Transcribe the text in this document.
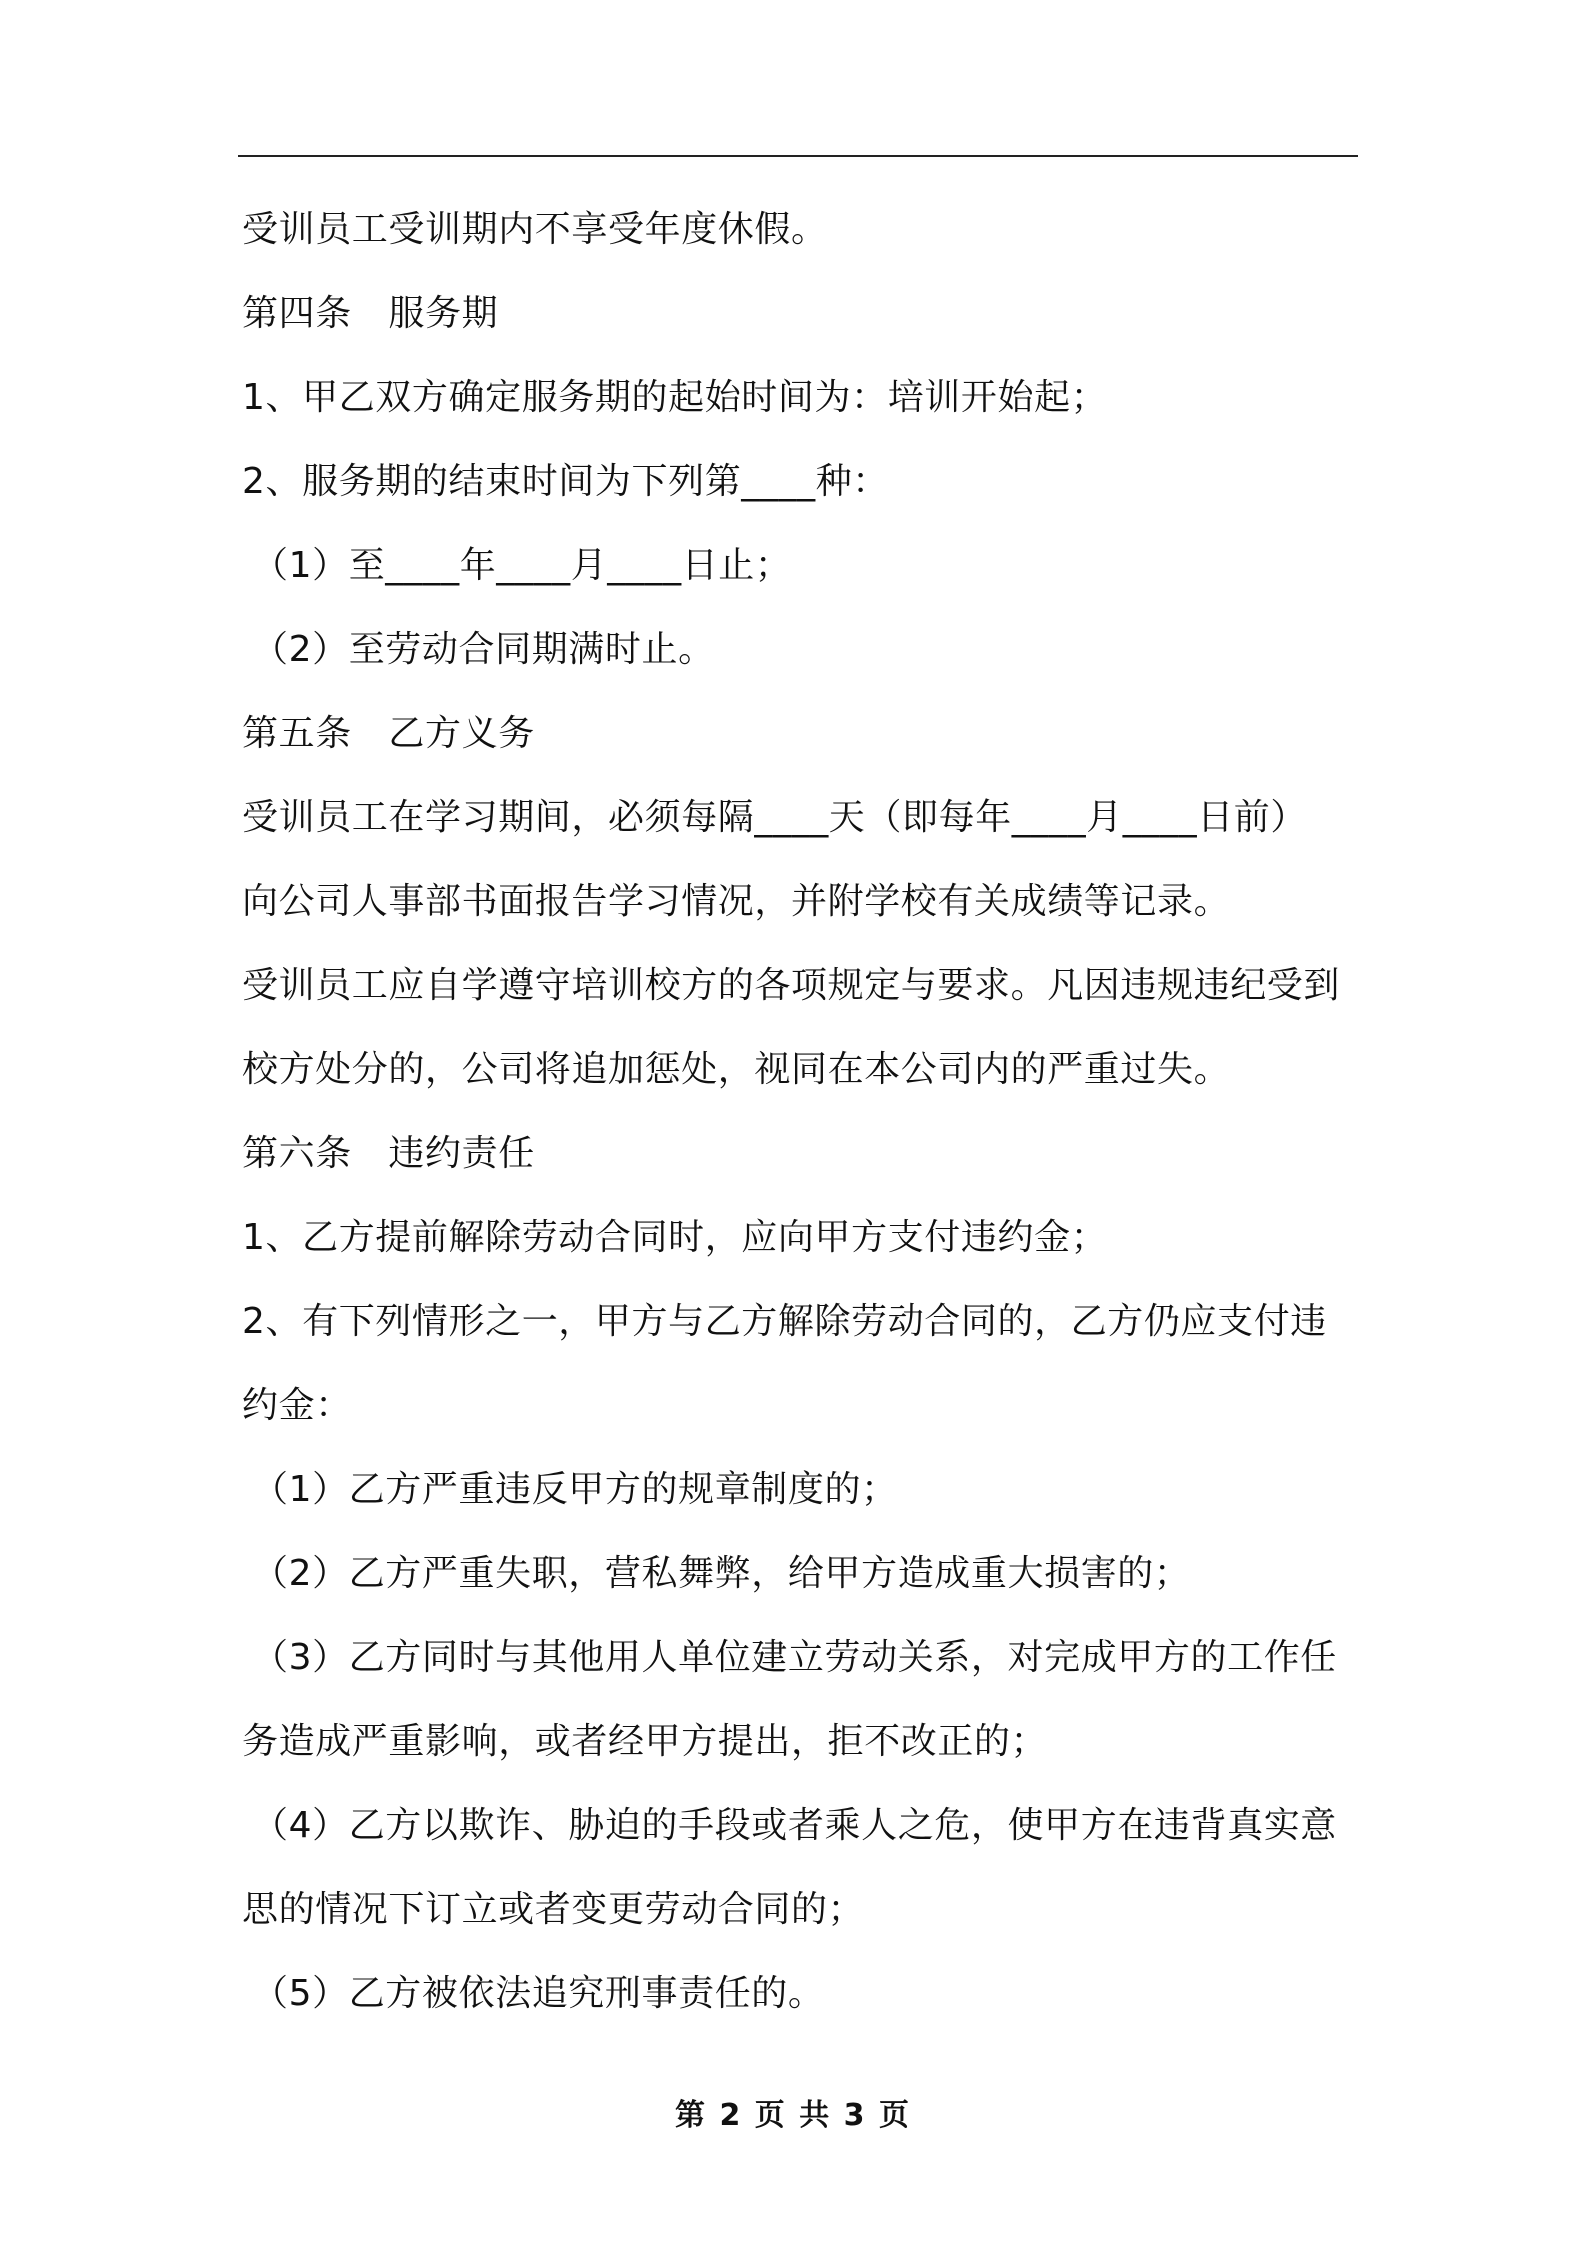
受训员工受训期内不享受年度休假。
第四条　服务期
1、甲乙双方确定服务期的起始时间为：培训开始起；
2、服务期的结束时间为下列第____种：
（1）至____年____月____日止；
（2）至劳动合同期满时止。
第五条　乙方义务
受训员工在学习期间，必须每隔____天（即每年____月____日前）
向公司人事部书面报告学习情况，并附学校有关成绩等记录。
受训员工应自学遵守培训校方的各项规定与要求。凡因违规违纪受到
校方处分的，公司将追加惩处，视同在本公司内的严重过失。
第六条　违约责任
1、乙方提前解除劳动合同时，应向甲方支付违约金；
2、有下列情形之一，甲方与乙方解除劳动合同的，乙方仍应支付违
约金：
（1）乙方严重违反甲方的规章制度的；
（2）乙方严重失职，营私舞弊，给甲方造成重大损害的；
（3）乙方同时与其他用人单位建立劳动关系，对完成甲方的工作任
务造成严重影响，或者经甲方提出，拒不改正的；
（4）乙方以欺诈、胁迫的手段或者乘人之危，使甲方在违背真实意
思的情况下订立或者变更劳动合同的；
（5）乙方被依法追究刑事责任的。
第 2 页 共 3 页
